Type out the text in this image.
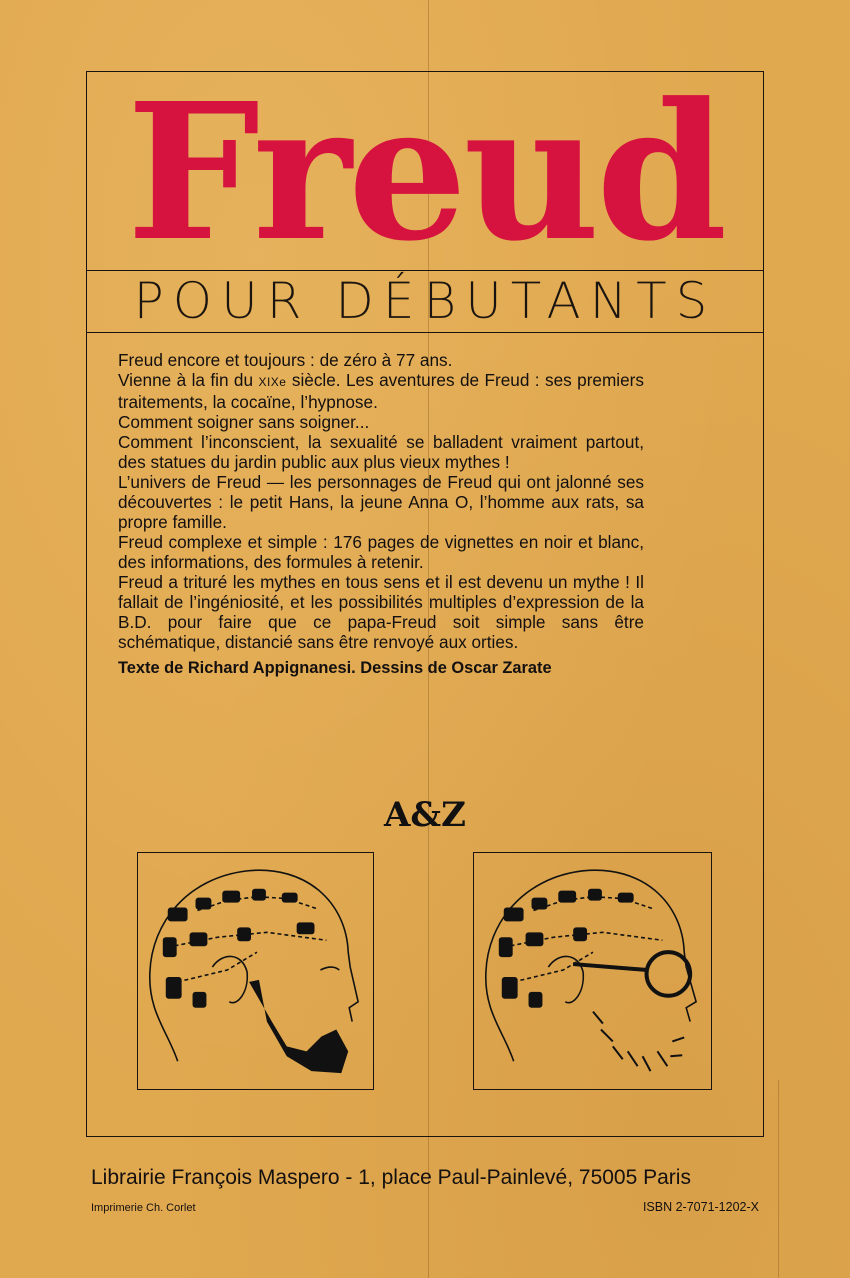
Freud
POUR DÉBUTANTS

Freud encore et toujours : de zéro à 77 ans.

Vienne à la fin du XIXe siècle. Les aventures de Freud : ses premiers traitements, la cocaïne, l’hypnose.

Comment soigner sans soigner...

Comment l’inconscient, la sexualité se balladent vraiment partout, des statues du jardin public aux plus vieux mythes !

L’univers de Freud — les personnages de Freud qui ont jalonné ses découvertes : le petit Hans, la jeune Anna O, l’homme aux rats, sa propre famille.

Freud complexe et simple : 176 pages de vignettes en noir et blanc, des informations, des formules à retenir.

Freud a trituré les mythes en tous sens et il est devenu un mythe ! Il fallait de l’ingéniosité, et les possibilités multiples d’expression de la B.D. pour faire que ce papa-Freud soit simple sans être schématique, distancié sans être renvoyé aux orties.

Texte de Richard Appignanesi. Dessins de Oscar Zarate

A&Z
Librairie François Maspero - 1, place Paul-Painlevé, 75005 Paris
Imprimerie Ch. Corlet	ISBN 2-7071-1202-X
